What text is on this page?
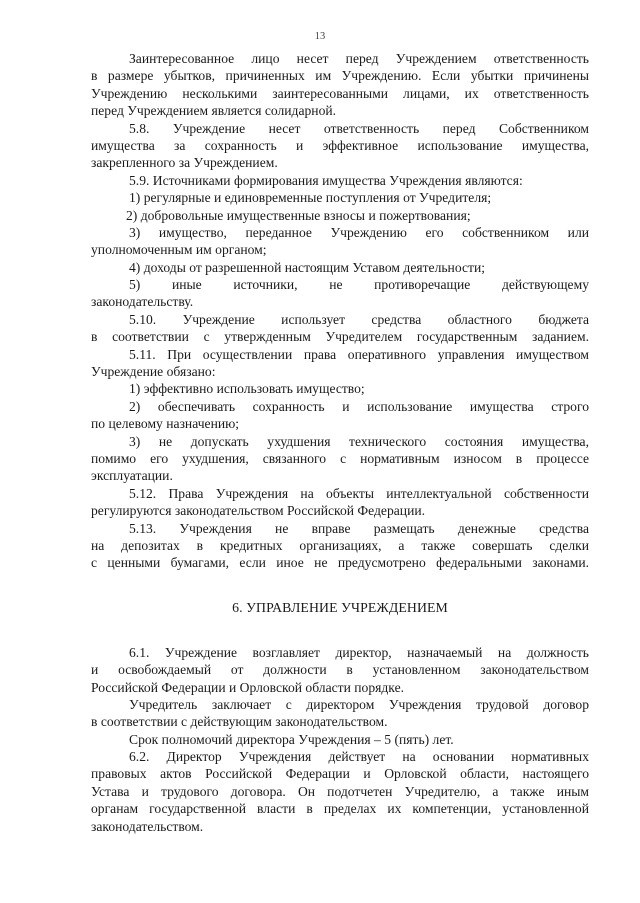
13
Заинтересованное лицо несет перед Учреждением ответственность
в размере убытков, причиненных им Учреждению. Если убытки причинены
Учреждению несколькими заинтересованными лицами, их ответственность
перед Учреждением является солидарной.
5.8. Учреждение несет ответственность перед Собственником
имущества за сохранность и эффективное использование имущества,
закрепленного за Учреждением.
5.9. Источниками формирования имущества Учреждения являются:
1) регулярные и единовременные поступления от Учредителя;
2) добровольные имущественные взносы и пожертвования;
3) имущество, переданное Учреждению его собственником или
уполномоченным им органом;
4) доходы от разрешенной настоящим Уставом деятельности;
5) иные источники, не противоречащие действующему
законодательству.
5.10. Учреждение использует средства областного бюджета
в соответствии с утвержденным Учредителем государственным заданием.
5.11. При осуществлении права оперативного управления имуществом
Учреждение обязано:
1) эффективно использовать имущество;
2) обеспечивать сохранность и использование имущества строго
по целевому назначению;
3) не допускать ухудшения технического состояния имущества,
помимо его ухудшения, связанного с нормативным износом в процессе
эксплуатации.
5.12. Права Учреждения на объекты интеллектуальной собственности
регулируются законодательством Российской Федерации.
5.13. Учреждения не вправе размещать денежные средства
на депозитах в кредитных организациях, а также совершать сделки
с ценными бумагами, если иное не предусмотрено федеральными законами.
6. УПРАВЛЕНИЕ УЧРЕЖДЕНИЕМ
6.1. Учреждение возглавляет директор, назначаемый на должность
и освобождаемый от должности в установленном законодательством
Российской Федерации и Орловской области порядке.
Учредитель заключает с директором Учреждения трудовой договор
в соответствии с действующим законодательством.
Срок полномочий директора Учреждения – 5 (пять) лет.
6.2. Директор Учреждения действует на основании нормативных
правовых актов Российской Федерации и Орловской области, настоящего
Устава и трудового договора. Он подотчетен Учредителю, а также иным
органам государственной власти в пределах их компетенции, установленной
законодательством.
